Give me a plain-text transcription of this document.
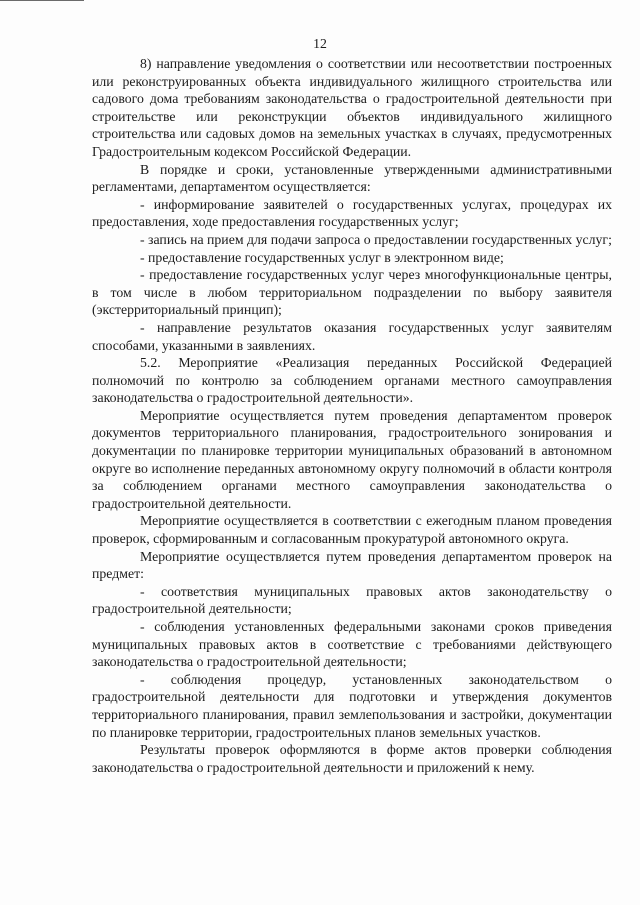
12

8) направление уведомления о соответствии или несоответствии построенных или реконструированных объекта индивидуального жилищного строительства или садового дома требованиям законодательства о градостроительной деятельности при строительстве или реконструкции объектов индивидуального жилищного строительства или садовых домов на земельных участках в случаях, предусмотренных Градостроительным кодексом Российской Федерации.

В порядке и сроки, установленные утвержденными административными регламентами, департаментом осуществляется:

- информирование заявителей о государственных услугах, процедурах их предоставления, ходе предоставления государственных услуг;

- запись на прием для подачи запроса о предоставлении государственных услуг;

- предоставление государственных услуг в электронном виде;

- предоставление государственных услуг через многофункциональные центры, в том числе в любом территориальном подразделении по выбору заявителя (экстерриториальный принцип);

- направление результатов оказания государственных услуг заявителям способами, указанными в заявлениях.

5.2. Мероприятие «Реализация переданных Российской Федерацией полномочий по контролю за соблюдением органами местного самоуправления законодательства о градостроительной деятельности».

Мероприятие осуществляется путем проведения департаментом проверок документов территориального планирования, градостроительного зонирования и документации по планировке территории муниципальных образований в автономном округе во исполнение переданных автономному округу полномочий в области контроля за соблюдением органами местного самоуправления законодательства о градостроительной деятельности.

Мероприятие осуществляется в соответствии с ежегодным планом проведения проверок, сформированным и согласованным прокуратурой автономного округа.

Мероприятие осуществляется путем проведения департаментом проверок на предмет:

- соответствия муниципальных правовых актов законодательству о градостроительной деятельности;

- соблюдения установленных федеральными законами сроков приведения муниципальных правовых актов в соответствие с требованиями действующего законодательства о градостроительной деятельности;

- соблюдения процедур, установленных законодательством о градостроительной деятельности для подготовки и утверждения документов территориального планирования, правил землепользования и застройки, документации по планировке территории, градостроительных планов земельных участков.

Результаты проверок оформляются в форме актов проверки соблюдения законодательства о градостроительной деятельности и приложений к нему.
